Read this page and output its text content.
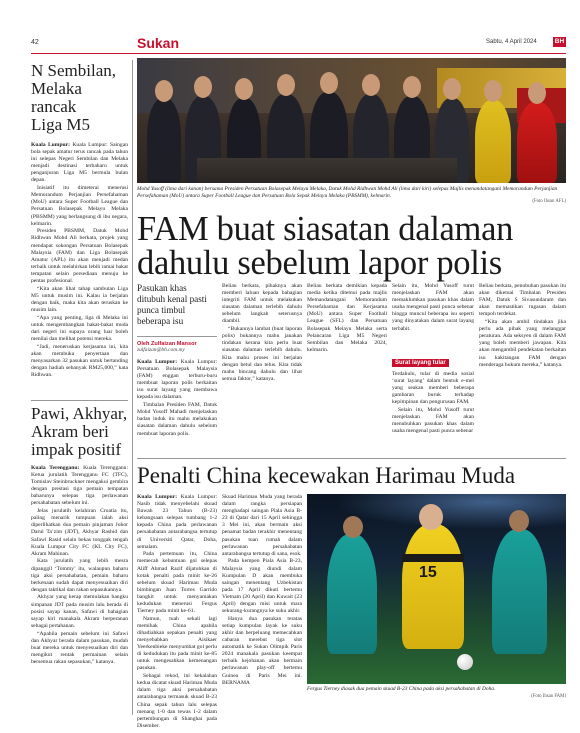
42	Sukan	Sabtu, 4 April 2024	BH
N Sembilan,
Melaka rancak
Liga M5

Kuala Lumpur: Kuala Lumpur: Saingan bola sepak amatur terus rancak pada tahun ini selepas Negeri Sembilan dan Melaka menjadi destinasi terbaharu untuk penganjuran Liga M5 bermula bulan depan.

Inisiatif itu dimeterai menerusi Memorandum Perjanjian Persefahaman (MoU) antara Super Football League dan Persatuan Bolasepak Melayu Melaka (PBSMM) yang berlangsung di ibu negara, kelmarin.

Presiden PBSMM, Datuk Mohd Ridhwan Mohd Ali berkata, projek yang mendapat sokongan Persatuan Bolasepak Malaysia (FAM) dan Liga Bolasepak Amatur (APL) itu akan menjadi medan terbaik untuk melahirkan lebih ramai bakat tempatan selain persediaan menuju ke pentas profesional.

“Kita akan lihat tahap sambutan Liga M5 untuk musim ini. Kalau ia berjalan dengan baik, maka kita akan teruskan ke musim lain.

“Apa yang penting, liga di Melaka ini untuk mengembangkan bakat-bakat muda dari negeri ini supaya orang luar boleh menilai dan melihat potensi mereka.

“Jadi, meneruskan kerjasama ini, kita akan membuka penyertaan dan menyasarkan 32 pasukan untuk bertanding dengan hadiah sebanyak RM25,000,” kata Ridhwan.

Pawi, Akhyar,
Akram beri
impak positif

Kuala Terengganu: Kuala Terengganu: Ketua jurulatih Terengganu FC (TFC), Tomislav Steinbruckner mengakui gembira dengan prestasi tiga pemain tempatan baharunya selepas tiga perlawanan persahabatan sebelum ini.

Jelas jurulatih kelahiran Croatia itu, paling menarik tumpuan ialah aksi diperlihatkan dua pemain pinjaman Johor Darul Ta’zim (JDT), Akhyar Rashid dan Safawi Rasid selain bekas tonggak tengah Kuala Lumpur City FC (KL City FC), Akram Mahinan.

Kata jurulatih yang lebih mesra dipanggil ‘Tommy’ itu, walaupun baharu tiga aksi persahabatan, pemain baharu berkenaan sudah dapat menyesuaikan diri dengan taktikal dan rakan sepasukannya.

Akhyar yang kerap memulakan bangku simpanan JDT pada musim lalu berada di posisi sayap kanan, Safawi di bahagian sayap kiri manakala Akram berperanan sebagai pertahanan.

“Apabila pemain sebelum ini Safawi dan Akhyar berada dalam pasukan, mudah buat mereka untuk menyesuaikan diri dan mengikut rentak permainan selain bersemua rakan sepasukan,” katanya.

Mohd Yusoff (lima dari kanan) bersama Presiden Persatuan Bolasepak Melayu Melaka, Datuk Mohd Ridhwan Mohd Ali (lima dari kiri) selepas Majlis menandatangani Memorandum Perjanjian Persefahaman (MoU) antara Super Football League dan Persatuan Bola Sepak Melayu Melaka (PBSMM), kelmarin.
(Foto Ihsan AFL)
FAM buat siasatan dalaman
dahulu sebelum lapor polis
Pasukan khas ditubuh kenal pasti punca timbul beberapa isu
Oleh Zulfaizan Mansor
zulfaizan@bh.com.my

Kuala Lumpur: Kuala Lumpur: Persatuan Bolasepak Malaysia (FAM) enggan terburu-buru membuat laporan polis berkaitan isu surat layang yang membawa kepada isu dalaman.

Timbalan Presiden FAM, Datuk Mohd Yusoff Mahadi menjelaskan badan induk itu mahu melakukan siasatan dalaman dahulu sebelum membuat laporan polis.

Beliau berkata, pihaknya akan memberi laluan kepada bahagian integriti FAM untuk melakukan siasatan dalaman terlebih dahulu sebelum langkah seterusnya diambil.

“Bukannya lambat (buat laporan polis) bukannya mahu janakan tindakan kerana kita perlu buat siasatan dalaman terlebih dahulu. Kita mahu proses ini berjalan dengan betul dan telus. Kita tidak mahu bincang dahulu dan lihat semua faktor,” katanya.

Beliau berkata demikian kepada media ketika ditemui pada majlis Memandatangani Memorandum Persefahaman dan Kerjasama (MoU) antara Super Football League (SFL) dan Persatuan Bolasepak Melayu Melaka serta Pelancaran Liga M5 Negeri Sembilan dan Melaka 2024, kelmarin.

Selain itu, Mohd Yusoff turut menjelaskan FAM akan memaklumkan pasukan khas dalam usaha mengenal pasti punca sebenar hingga muncul beberapa isu seperti yang dinyatakan dalam surat layang terbabit.

Surat layang tular

Terdahulu, tular di media sosial ‘surat layang’ dalam bentuk e-mel yang seakan memberi beberapa gambaran buruk terhadap kepimpinan dan pengurusan FAM.

Selain itu, Mohd Yusoff turut menjelaskan FAM akan menubuhkan pasukan khas dalam usaha mengenal pasti punca sebenar

Beliau berkata, penubuhan pasukan itu akan diketuai Timbalan Presiden FAM, Datuk S Sivasundaram dan akan memastikan tugasan dalam tempoh terdekat.

“Kita akan ambil tindakan jika perlu ada pihak yang melanggar peraturan. Ada seksyen di dalam FAM yang boleh memberi jawapan. Kita akan mengambil pendekatan berkaitan isu kakitangan FAM dengan menderaga hukum mereka,” katanya.

Penalti China kecewakan Harimau Muda

Kuala Lumpur: Kuala Lumpur: Nasib tidak menyebelahi skuad Bawah 23 Tahun (B-23) kebangsaan selepas tumbang 1-2 kepada China pada perlawanan persahabatan antarabangsa tertutup di Universiti Qatar, Doha, semalam.

Pada pertemuan itu, China memecah kebuntuan gol selepas Aliff Ahmad Razif dijatuhkan di kotak penalti pada minit ke-26 sebelum skuad Harimau Muda bimbingan Juan Torres Garrido bangkit untuk menyamakan kedudukan menerusi Fergus Tierney pada minit ke-61.

Namun, tuah sekali lagi memihak China apabila dihadiahkan sepakan penalti yang menyebabkan Aisikaer Yeerkenbieke menyumbat gol perlu di kedudukan itu pada minit ke-85 untuk mengesahkan kemenangan pasukan.

Sebagai rekod, ini kekalahan kedua dicatat skuad Harimau Muda dalam tiga aksi persahabatan antarabangsa termasuk skuad B-23 China sepak tahun lalu selepas menang 1-0 dan tewas 1-2 dalam pertembungan di Shanghai pada Disember.

Skuad Harimau Muda yang berada dalam rangka persiapan menghadapi saingan Piala Asia B-23 di Qatar dari 15 April sehingga 3 Mei ini, akan bermain aksi penamat badan terakhir menentang pasukan tuan rumah dalam perlawanan persahabatan antarabangsa tertutup di sana, esok.

Pada kempen Piala Asia B-23, Malaysia yang diundi dalam Kumpulan D akan membuka saingan menentang Uzbekistan pada 17 April dikuti bertemu Vietnam (20 April) dan Kuwait (23 April) dengan misi untuk mara sekurang-kurangnya ke suku akhir.

Hanya dua pasukan teratas setiap kumpulan layak ke suku akhir dan berpeluang memecahkan cabaran merebut tiga slot automatik ke Sukan Olimpik Paris 2024 manakala pasukan keempat terbaik kejohanan akan bermain perlawanan play-off bertemu Guinea di Paris Mei ini. BERNAMA

15
Fergus Tierney diasak dua pemain skuad B-23 China pada aksi persahabatan di Doha.
(Foto Ihsan FAM)
